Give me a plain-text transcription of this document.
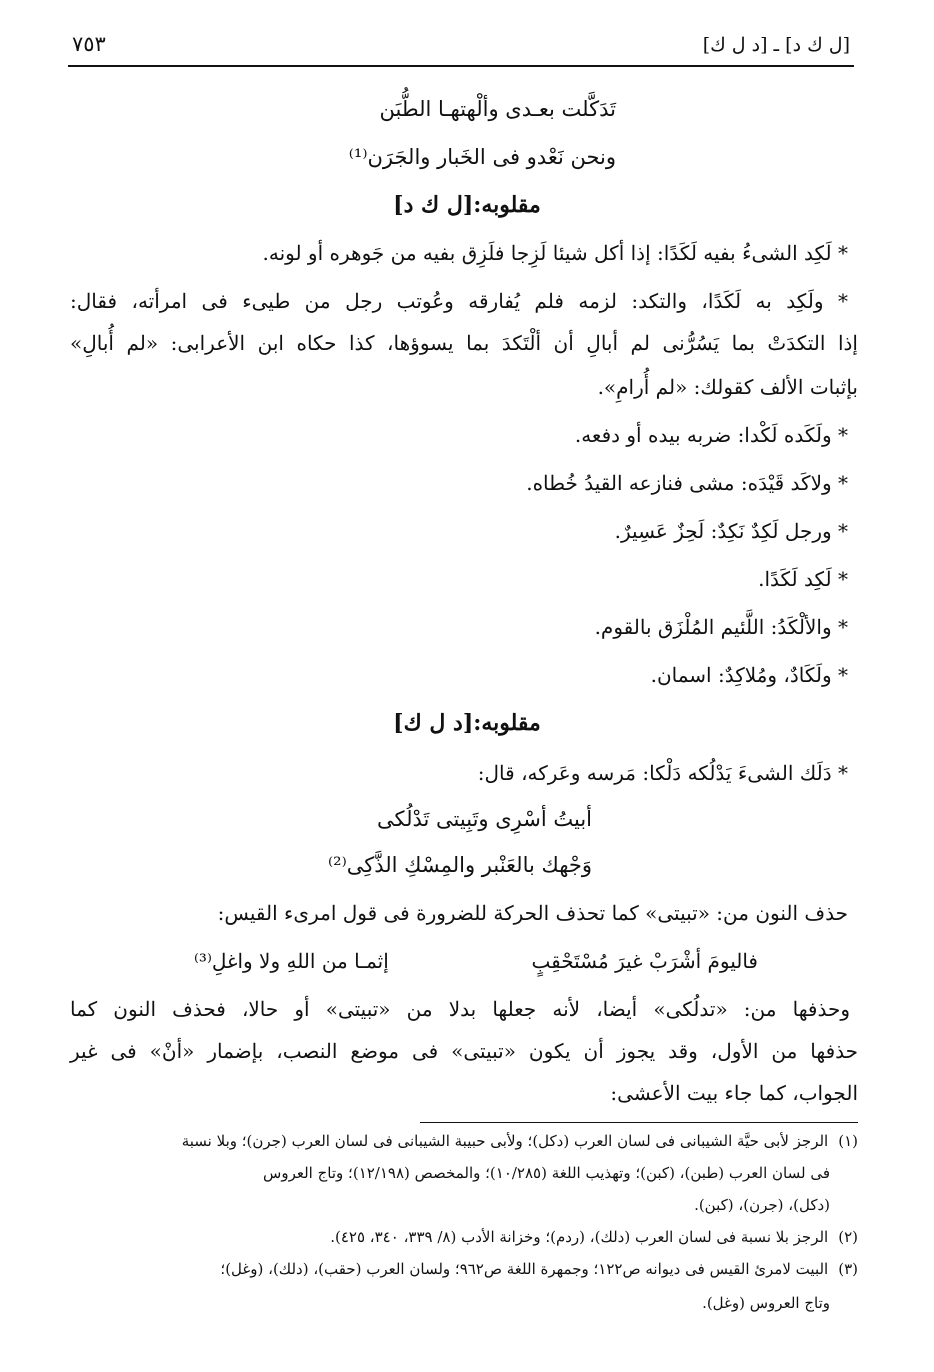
٧٥٣	[ل ك د] ـ [د ل ك]
تَدَكَّلت بعـدى وألْهتهـا الطُّبَن
ونحن نَعْدو فى الخَبار والجَرَن⁽¹⁾
مقلوبه:[ل ك د]
* لَكِد الشىءُ بفيه لَكَدًا: إذا أكل شيئا لَزِجا فلَزِق بفيه من جَوهره أو لونه.
* ولَكِد به لَكَدًا، والتكد: لزمه فلم يُفارقه وعُوتب رجل من طيىء فى امرأته، فقال:
إذا التكدَتْ بما يَسُرُّنى لم أبالِ أن ألْتَكدَ بما يسوؤها، كذا حكاه ابن الأعرابى: «لم أُبالِ»
بإثبات الألف كقولك: «لم أُرامِ».
* ولَكَده لَكْدا: ضربه بيده أو دفعه.
* ولاكَد قَيْدَه: مشى فنازعه القيدُ خُطاه.
* ورجل لَكِدٌ نَكِدٌ: لَحِزٌ عَسِيرٌ.
* لَكِد لَكَدًا.
* والألْكَدُ: اللَّئيم المُلْزَق بالقوم.
* ولَكَادٌ، ومُلاكِدٌ: اسمان.
مقلوبه:[د ل ك]
* دَلَك الشىءَ يَدْلُكه دَلْكا: مَرسه وعَركه، قال:
أبيتُ أسْرِى وتَبِيتى تَدْلُكى
وَجْهك بالعَنْبر والمِسْكِ الذَّكِى⁽²⁾
حذف النون من: «تبيتى» كما تحذف الحركة للضرورة فى قول امرىء القيس:
فاليومَ أشْرَبْ غيرَ مُسْتَحْقِبٍ
إثمـا من اللهِ ولا واغلِ⁽³⁾
وحذفها من: «تدلُكى» أيضا، لأنه جعلها بدلا من «تبيتى» أو حالا، فحذف النون كما
حذفها من الأول، وقد يجوز أن يكون «تبيتى» فى موضع النصب، بإضمار «أنْ» فى غير
الجواب، كما جاء بيت الأعشى:
(١)الرجز لأبى حيَّة الشيبانى فى لسان العرب (دكل)؛ ولأبى حبيبة الشيبانى فى لسان العرب (جرن)؛ وبلا نسبة
فى لسان العرب (طبن)، (كبن)؛ وتهذيب اللغة (١٠/٢٨٥)؛ والمخصص (١٢/١٩٨)؛ وتاج العروس
(دكل)، (جرن)، (كبن).
(٢)الرجز بلا نسبة فى لسان العرب (دلك)، (ردم)؛ وخزانة الأدب (٨/ ٣٣٩، ٣٤٠، ٤٢٥).
(٣)البيت لامرئ القيس فى ديوانه ص١٢٢؛ وجمهرة اللغة ص٩٦٢؛ ولسان العرب (حقب)، (دلك)، (وغل)؛
وتاج العروس (وغل).
